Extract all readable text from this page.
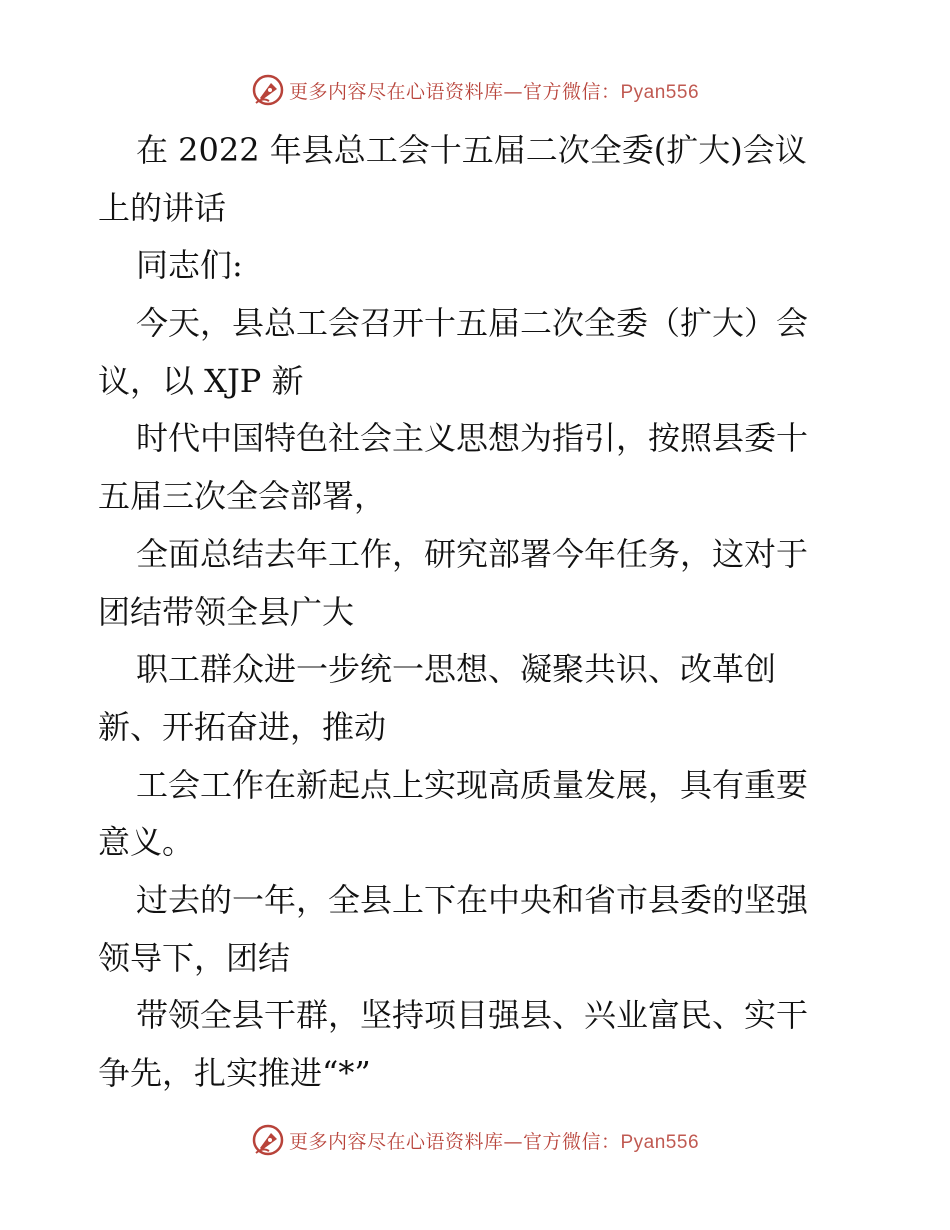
更多内容尽在心语资料库—官方微信：Pyan556
在 2022 年县总工会十五届二次全委(扩大)会议
上的讲话
同志们:
今天，县总工会召开十五届二次全委（扩大）会
议，以 XJP 新
时代中国特色社会主义思想为指引，按照县委十
五届三次全会部署，
全面总结去年工作，研究部署今年任务，这对于
团结带领全县广大
职工群众进一步统一思想、凝聚共识、改革创
新、开拓奋进，推动
工会工作在新起点上实现高质量发展，具有重要
意义。
过去的一年，全县上下在中央和省市县委的坚强
领导下，团结
带领全县干群，坚持项目强县、兴业富民、实干
争先，扎实推进“*”
更多内容尽在心语资料库—官方微信：Pyan556
